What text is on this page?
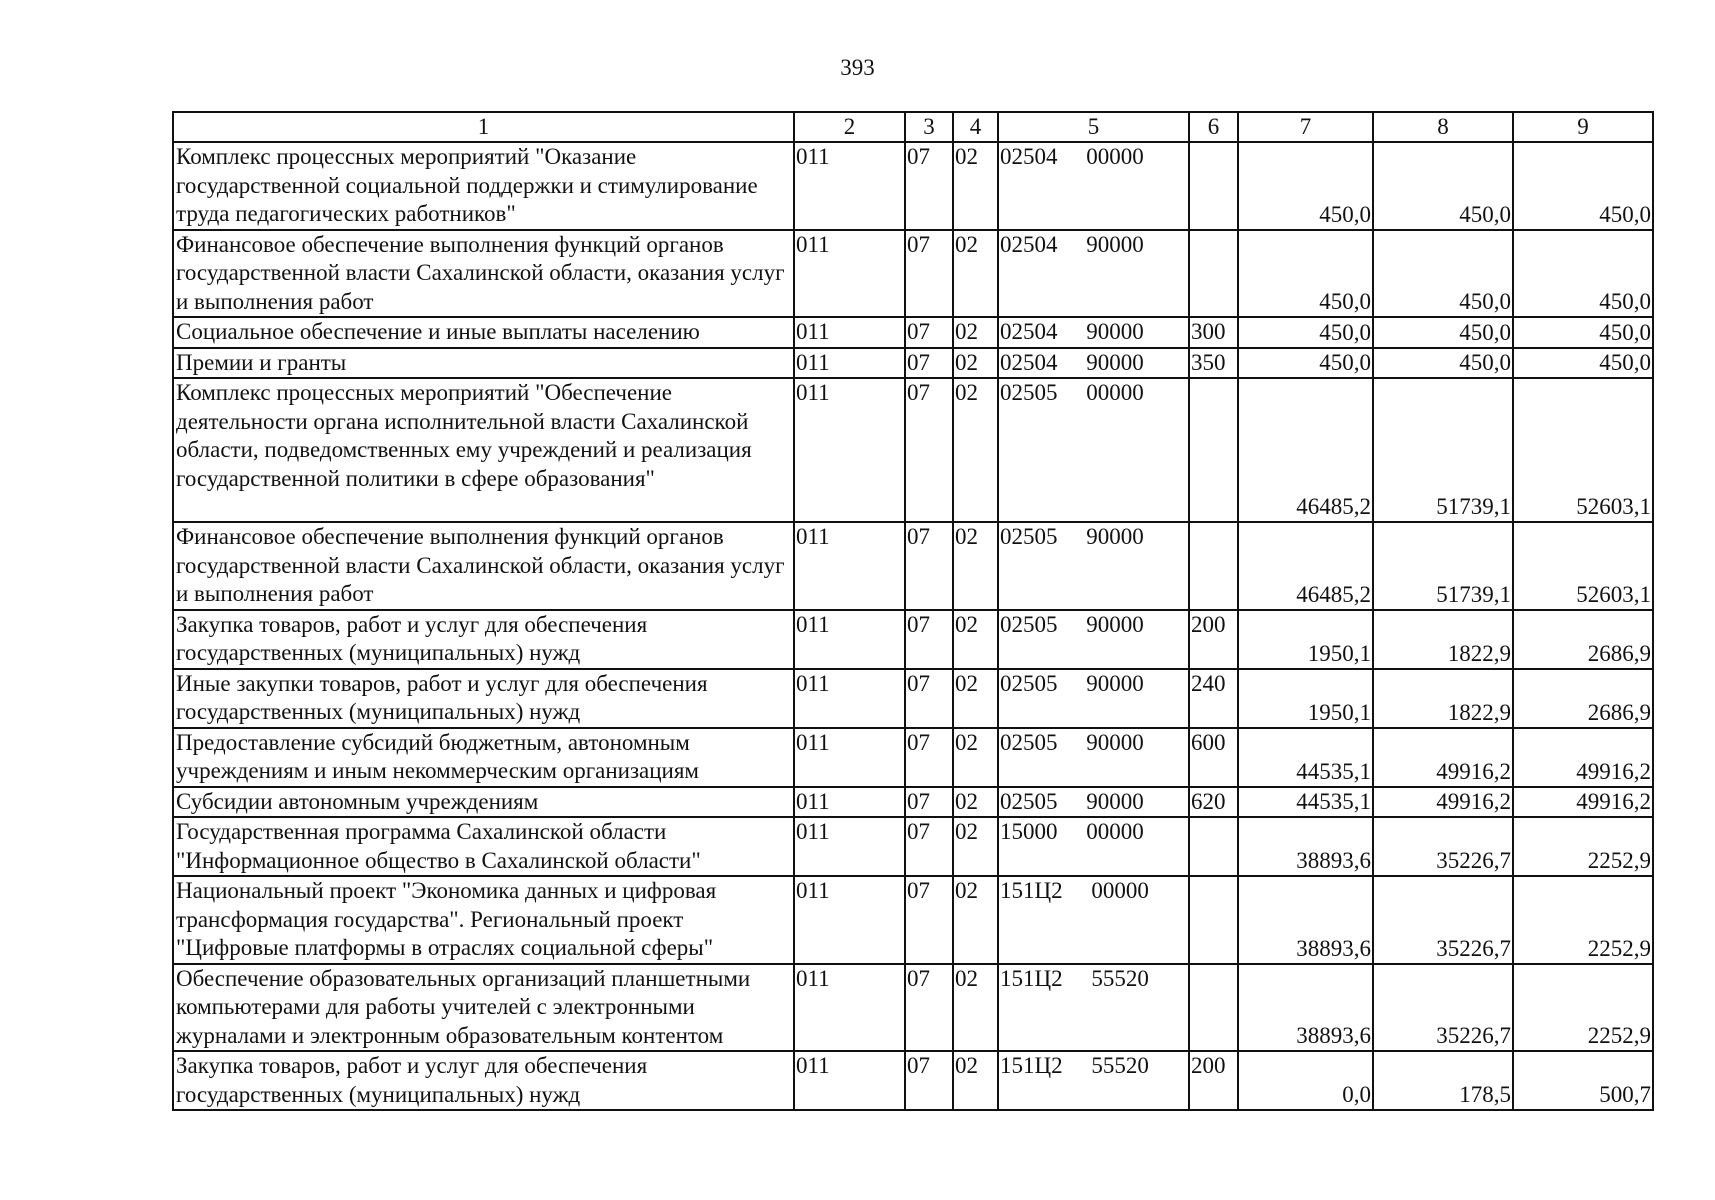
393
1	2	3	4	5	6	7	8	9
Комплекс процессных мероприятий "Оказание государственной социальной поддержки и стимулирование труда педагогических работников"	011	07	02	02504     00000		450,0	450,0	450,0
Финансовое обеспечение выполнения функций органов государственной власти Сахалинской области, оказания услуг и выполнения работ	011	07	02	02504     90000		450,0	450,0	450,0
Социальное обеспечение и иные выплаты населению	011	07	02	02504     90000	300	450,0	450,0	450,0
Премии и гранты	011	07	02	02504     90000	350	450,0	450,0	450,0
Комплекс процессных мероприятий "Обеспечение деятельности органа исполнительной власти Сахалинской области, подведомственных ему учреждений и реализация государственной политики в сфере образования"	011	07	02	02505     00000		46485,2	51739,1	52603,1
Финансовое обеспечение выполнения функций органов государственной власти Сахалинской области, оказания услуг и выполнения работ	011	07	02	02505     90000		46485,2	51739,1	52603,1
Закупка товаров, работ и услуг для обеспечения государственных (муниципальных) нужд	011	07	02	02505     90000	200	1950,1	1822,9	2686,9
Иные закупки товаров, работ и услуг для обеспечения государственных (муниципальных) нужд	011	07	02	02505     90000	240	1950,1	1822,9	2686,9
Предоставление субсидий бюджетным, автономным учреждениям и иным некоммерческим организациям	011	07	02	02505     90000	600	44535,1	49916,2	49916,2
Субсидии автономным учреждениям	011	07	02	02505     90000	620	44535,1	49916,2	49916,2
Государственная программа Сахалинской области "Информационное общество в Сахалинской области"	011	07	02	15000     00000		38893,6	35226,7	2252,9
Национальный проект "Экономика данных и цифровая трансформация государства". Региональный проект "Цифровые платформы в отраслях социальной сферы"	011	07	02	151Ц2     00000		38893,6	35226,7	2252,9
Обеспечение образовательных организаций планшетными компьютерами для работы учителей с электронными журналами и электронным образовательным контентом	011	07	02	151Ц2     55520		38893,6	35226,7	2252,9
Закупка товаров, работ и услуг для обеспечения государственных (муниципальных) нужд	011	07	02	151Ц2     55520	200	0,0	178,5	500,7
